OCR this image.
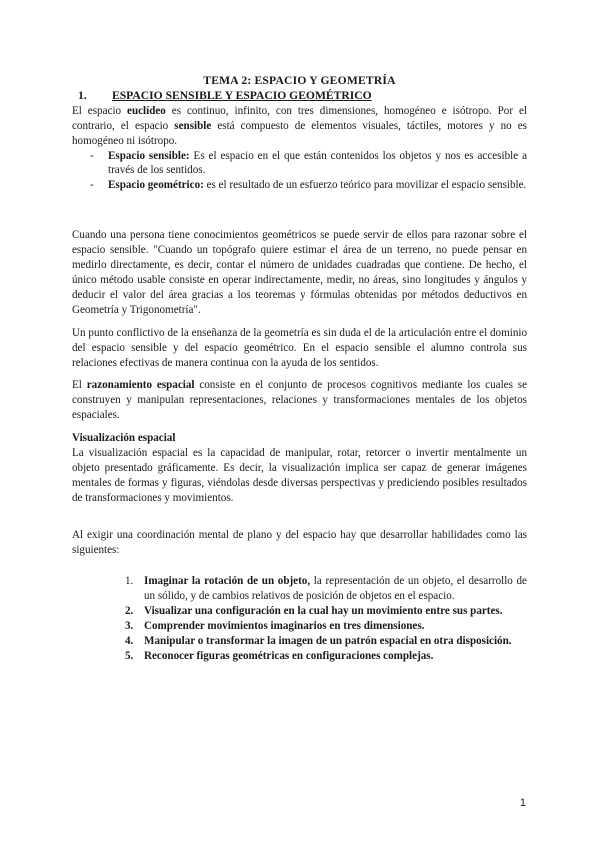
TEMA 2: ESPACIO Y GEOMETRÍA
1. ESPACIO SENSIBLE Y ESPACIO GEOMÉTRICO

El espacio euclídeo es continuo, infinito, con tres dimensiones, homogéneo e isótropo. Por el contrario, el espacio sensible está compuesto de elementos visuales, táctiles, motores y no es homogéneo ni isótropo.

- Espacio sensible: Es el espacio en el que están contenidos los objetos y nos es accesible a través de los sentidos.
- Espacio geométrico: es el resultado de un esfuerzo teórico para movilizar el espacio sensible.

Cuando una persona tiene conocimientos geométricos se puede servir de ellos para razonar sobre el espacio sensible. "Cuando un topógrafo quiere estimar el área de un terreno, no puede pensar en medirlo directamente, es decir, contar el número de unidades cuadradas que contiene. De hecho, el único método usable consiste en operar indirectamente, medir, no áreas, sino longitudes y ángulos y deducir el valor del área gracias a los teoremas y fórmulas obtenidas por métodos deductivos en Geometría y Trigonometría".

Un punto conflictivo de la enseñanza de la geometría es sin duda el de la articulación entre el dominio del espacio sensible y del espacio geométrico. En el espacio sensible el alumno controla sus relaciones efectivas de manera continua con la ayuda de los sentidos.

El razonamiento espacial consiste en el conjunto de procesos cognitivos mediante los cuales se construyen y manipulan representaciones, relaciones y transformaciones mentales de los objetos espaciales.

Visualización espacial

La visualización espacial es la capacidad de manipular, rotar, retorcer o invertir mentalmente un objeto presentado gráficamente. Es decir, la visualización implica ser capaz de generar imágenes mentales de formas y figuras, viéndolas desde diversas perspectivas y prediciendo posibles resultados de transformaciones y movimientos.

Al exigir una coordinación mental de plano y del espacio hay que desarrollar habilidades como las siguientes:

1. Imaginar la rotación de un objeto, la representación de un objeto, el desarrollo de un sólido, y de cambios relativos de posición de objetos en el espacio.
2. Visualizar una configuración en la cual hay un movimiento entre sus partes.
3. Comprender movimientos imaginarios en tres dimensiones.
4. Manipular o transformar la imagen de un patrón espacial en otra disposición.
5. Reconocer figuras geométricas en configuraciones complejas.
1
